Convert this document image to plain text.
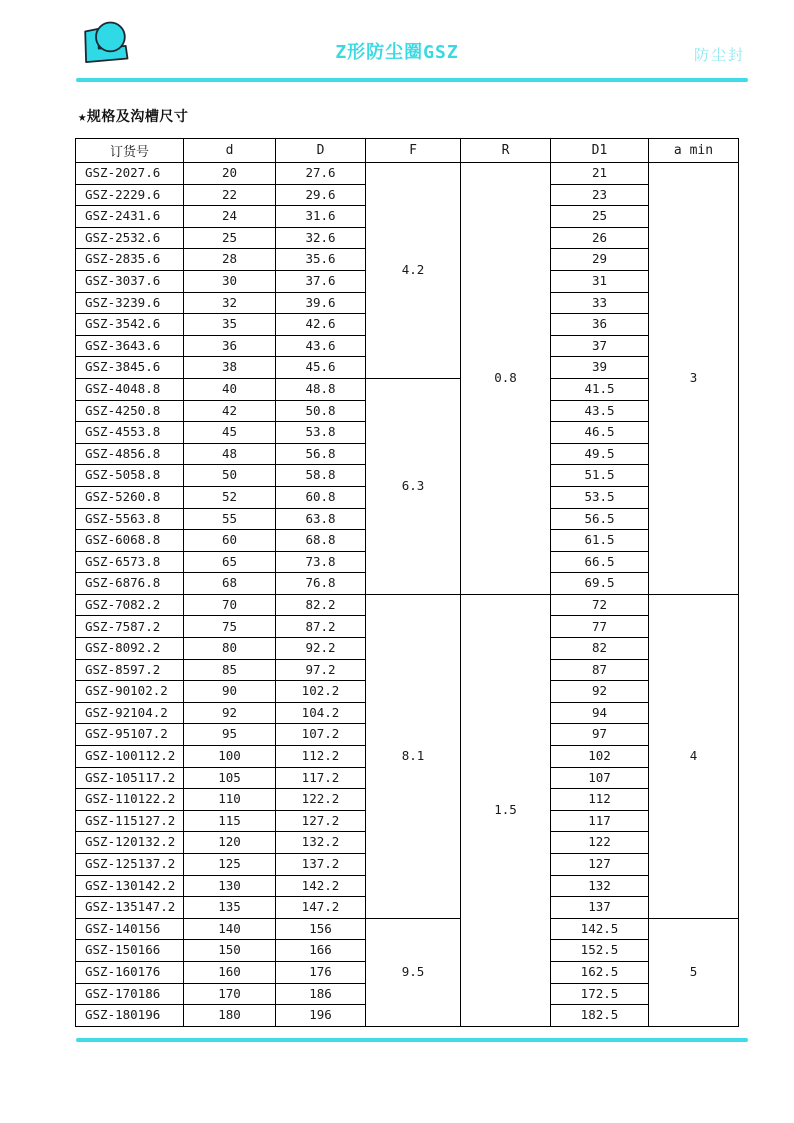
Z形防尘圈GSZ	防尘封
★规格及沟槽尺寸
订货号	d	D	F	R	D1	a min
GSZ-2027.6	20	27.6	4.2	0.8	21	3
GSZ-2229.6	22	29.6			23	
GSZ-2431.6	24	31.6			25	
GSZ-2532.6	25	32.6			26	
GSZ-2835.6	28	35.6			29	
GSZ-3037.6	30	37.6			31	
GSZ-3239.6	32	39.6			33	
GSZ-3542.6	35	42.6			36	
GSZ-3643.6	36	43.6			37	
GSZ-3845.6	38	45.6			39	
GSZ-4048.8	40	48.8	6.3		41.5	
GSZ-4250.8	42	50.8			43.5	
GSZ-4553.8	45	53.8			46.5	
GSZ-4856.8	48	56.8			49.5	
GSZ-5058.8	50	58.8			51.5	
GSZ-5260.8	52	60.8			53.5	
GSZ-5563.8	55	63.8			56.5	
GSZ-6068.8	60	68.8			61.5	
GSZ-6573.8	65	73.8			66.5	
GSZ-6876.8	68	76.8			69.5	
GSZ-7082.2	70	82.2	8.1	1.5	72	4
GSZ-7587.2	75	87.2			77	
GSZ-8092.2	80	92.2			82	
GSZ-8597.2	85	97.2			87	
GSZ-90102.2	90	102.2			92	
GSZ-92104.2	92	104.2			94	
GSZ-95107.2	95	107.2			97	
GSZ-100112.2	100	112.2			102	
GSZ-105117.2	105	117.2			107	
GSZ-110122.2	110	122.2			112	
GSZ-115127.2	115	127.2			117	
GSZ-120132.2	120	132.2			122	
GSZ-125137.2	125	137.2			127	
GSZ-130142.2	130	142.2			132	
GSZ-135147.2	135	147.2			137	
GSZ-140156	140	156	9.5		142.5	5
GSZ-150166	150	166			152.5	
GSZ-160176	160	176			162.5	
GSZ-170186	170	186			172.5	
GSZ-180196	180	196			182.5	
